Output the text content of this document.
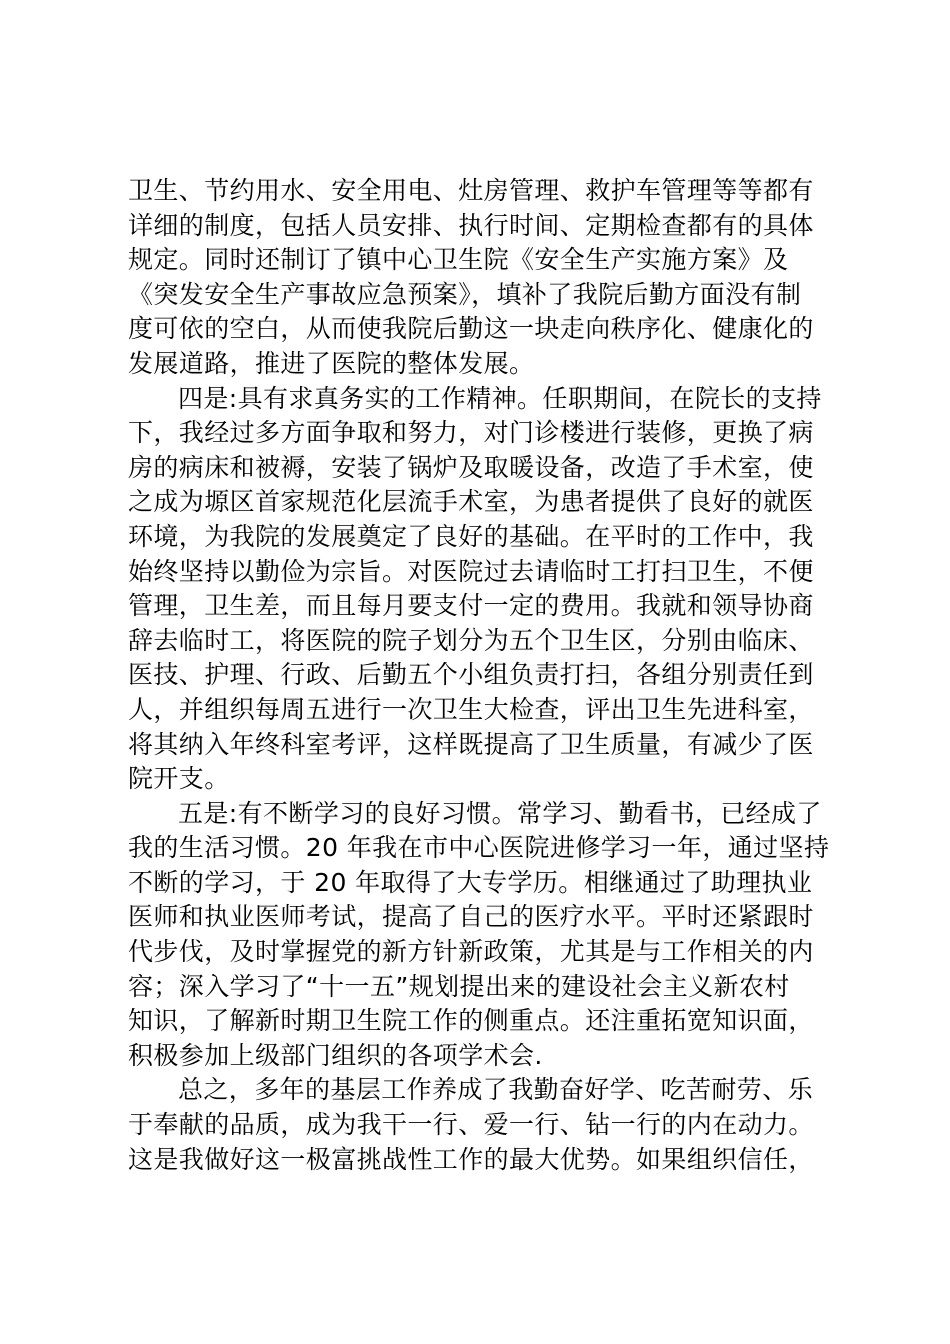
卫生、节约用水、安全用电、灶房管理、救护车管理等等都有
详细的制度，包括人员安排、执行时间、定期检查都有的具体
规定。同时还制订了镇中心卫生院《安全生产实施方案》及
《突发安全生产事故应急预案》，填补了我院后勤方面没有制
度可依的空白，从而使我院后勤这一块走向秩序化、健康化的
发展道路，推进了医院的整体发展。
四是:具有求真务实的工作精神。任职期间，在院长的支持
下，我经过多方面争取和努力，对门诊楼进行装修，更换了病
房的病床和被褥，安装了锅炉及取暖设备，改造了手术室，使
之成为塬区首家规范化层流手术室，为患者提供了良好的就医
环境，为我院的发展奠定了良好的基础。在平时的工作中，我
始终坚持以勤俭为宗旨。对医院过去请临时工打扫卫生，不便
管理，卫生差，而且每月要支付一定的费用。我就和领导协商
辞去临时工，将医院的院子划分为五个卫生区，分别由临床、
医技、护理、行政、后勤五个小组负责打扫，各组分别责任到
人，并组织每周五进行一次卫生大检查，评出卫生先进科室，
将其纳入年终科室考评，这样既提高了卫生质量，有减少了医
院开支。
五是:有不断学习的良好习惯。常学习、勤看书，已经成了
我的生活习惯。20 年我在市中心医院进修学习一年，通过坚持
不断的学习，于 20 年取得了大专学历。相继通过了助理执业
医师和执业医师考试，提高了自己的医疗水平。平时还紧跟时
代步伐，及时掌握党的新方针新政策，尤其是与工作相关的内
容；深入学习了“十一五”规划提出来的建设社会主义新农村
知识，了解新时期卫生院工作的侧重点。还注重拓宽知识面，
积极参加上级部门组织的各项学术会.
总之，多年的基层工作养成了我勤奋好学、吃苦耐劳、乐
于奉献的品质，成为我干一行、爱一行、钻一行的内在动力。
这是我做好这一极富挑战性工作的最大优势。如果组织信任，
